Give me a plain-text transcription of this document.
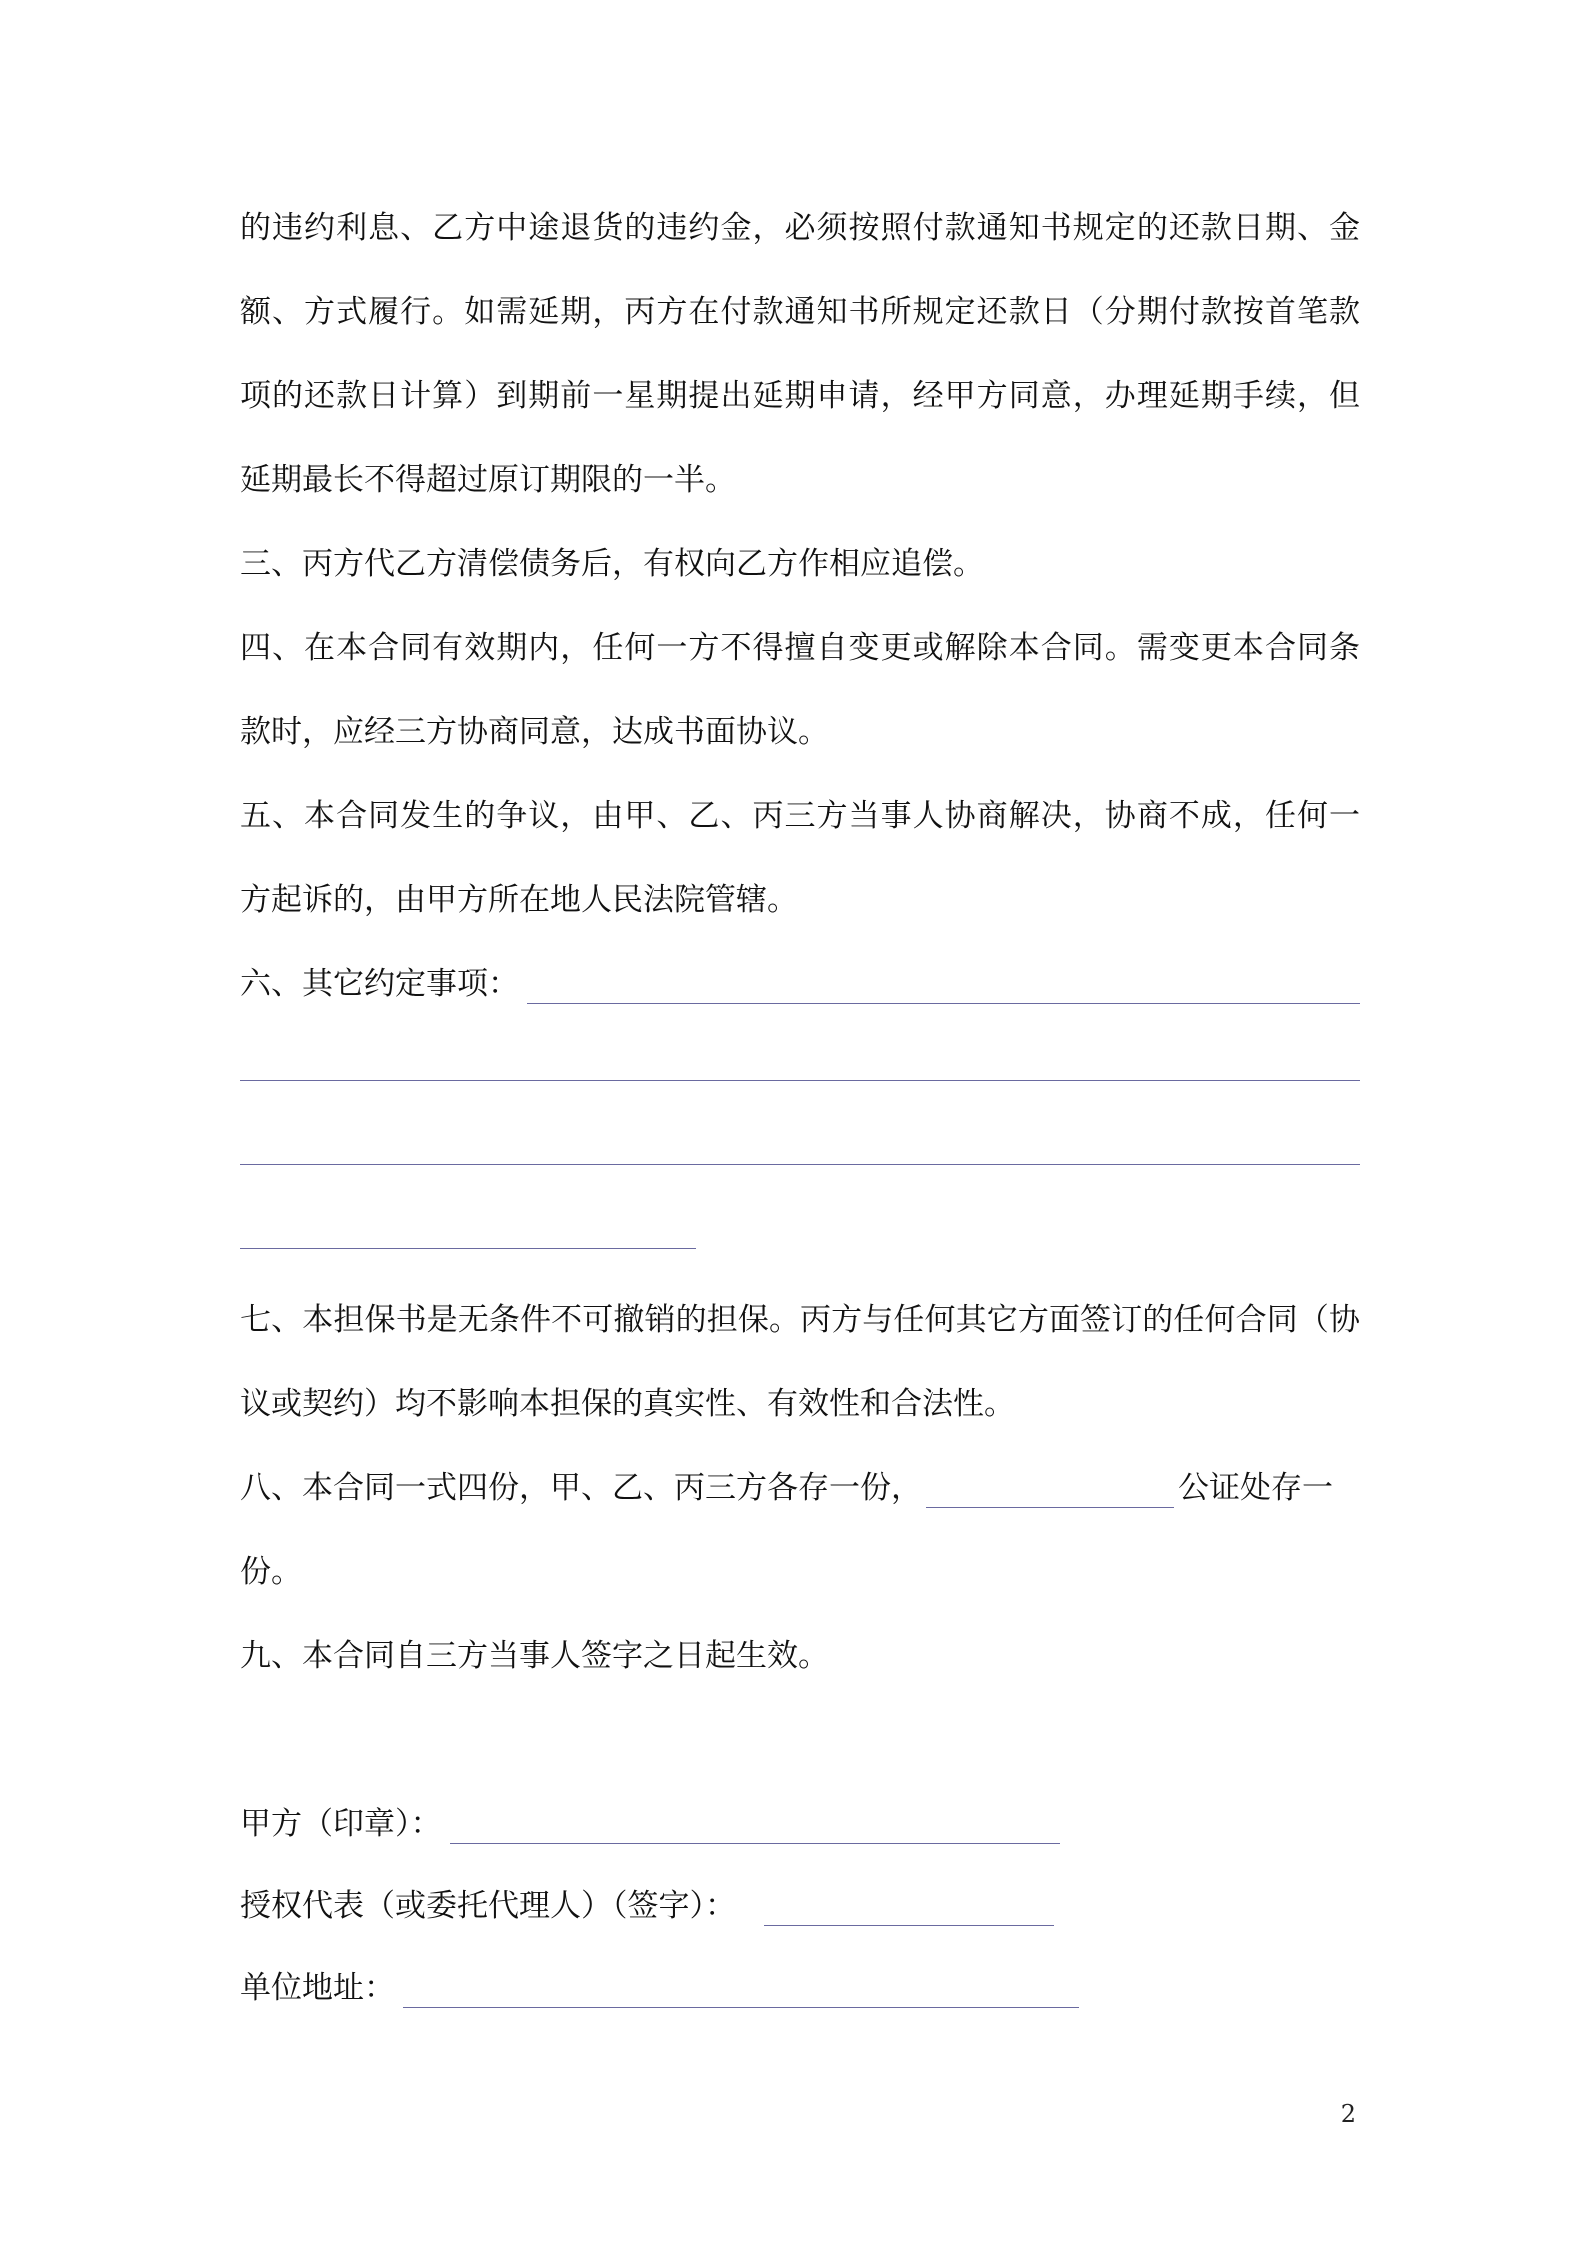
的违约利息、乙方中途退货的违约金，必须按照付款通知书规定的还款日期、金
额、方式履行。如需延期，丙方在付款通知书所规定还款日（分期付款按首笔款
项的还款日计算）到期前一星期提出延期申请，经甲方同意，办理延期手续，但
延期最长不得超过原订期限的一半。
三、丙方代乙方清偿债务后，有权向乙方作相应追偿。
四、在本合同有效期内，任何一方不得擅自变更或解除本合同。需变更本合同条
款时，应经三方协商同意，达成书面协议。
五、本合同发生的争议，由甲、乙、丙三方当事人协商解决，协商不成，任何一
方起诉的，由甲方所在地人民法院管辖。
六、其它约定事项：
七、本担保书是无条件不可撤销的担保。丙方与任何其它方面签订的任何合同（协
议或契约）均不影响本担保的真实性、有效性和合法性。
八、本合同一式四份，甲、乙、丙三方各存一份，	公证处存一
份。
九、本合同自三方当事人签字之日起生效。
甲方（印章）：
授权代表（或委托代理人）（签字）：
单位地址：
2
